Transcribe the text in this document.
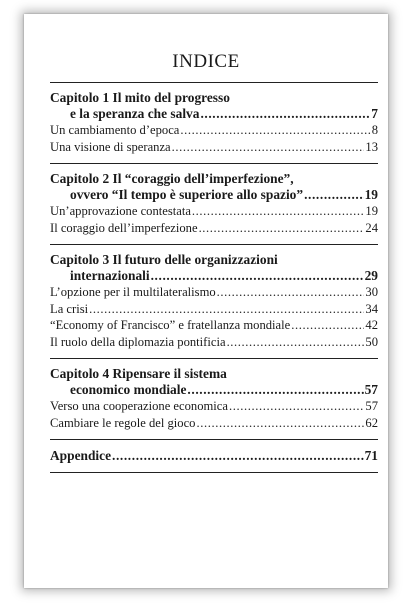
INDICE
Capitolo 1 Il mito del progresso
e la speranza che salva .....	7
Un cambiamento d’epoca .....	8
Una visione di speranza .....	13
Capitolo 2 Il “coraggio dell’imperfezione”,
ovvero “Il tempo è superiore allo spazio” .....	19
Un’approvazione contestata .....	19
Il coraggio dell’imperfezione .....	24
Capitolo 3 Il futuro delle organizzazioni
internazionali .....	29
L’opzione per il multilateralismo .....	30
La crisi .....	34
“Economy of Francisco” e fratellanza mondiale .....	42
Il ruolo della diplomazia pontificia .....	50
Capitolo 4 Ripensare il sistema
economico mondiale .....	57
Verso una cooperazione economica .....	57
Cambiare le regole del gioco .....	62
Appendice .....	71
